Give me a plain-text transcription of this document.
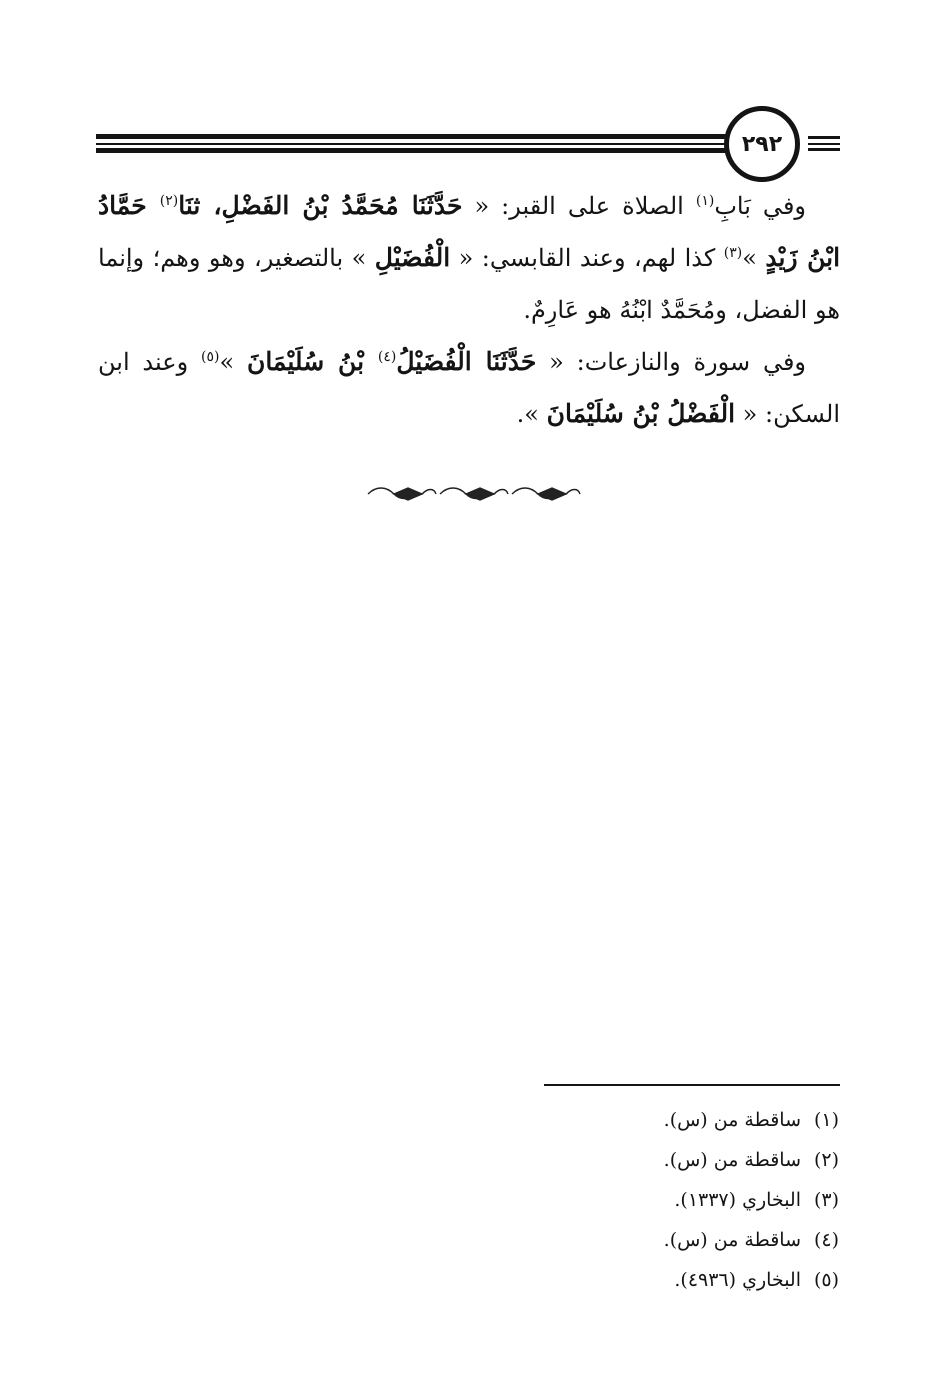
٢٩٢

وفي بَابِ$^{(١)}$ الصلاة على القبر: « حَدَّثَنَا مُحَمَّدُ بْنُ الفَضْلِ، ثنَا$^{(٢)}$ حَمَّادُ
ابْنُ زَيْدٍ »$^{(٣)}$ كذا لهم، وعند القابسي: « الْفُضَيْلِ » بالتصغير، وهو وهم؛ وإنما
هو الفضل، ومُحَمَّدٌ ابْنُهُ هو عَارِمٌ.

وفي سورة والنازعات: « حَدَّثَنَا الْفُضَيْلُ$^{(٤)}$ بْنُ سُلَيْمَانَ »$^{(٥)}$ وعند ابن
السكن: « الْفَضْلُ بْنُ سُلَيْمَانَ ».

(١)ساقطة من (س).
(٢)ساقطة من (س).
(٣)البخاري (١٣٣٧).
(٤)ساقطة من (س).
(٥)البخاري (٤٩٣٦).
